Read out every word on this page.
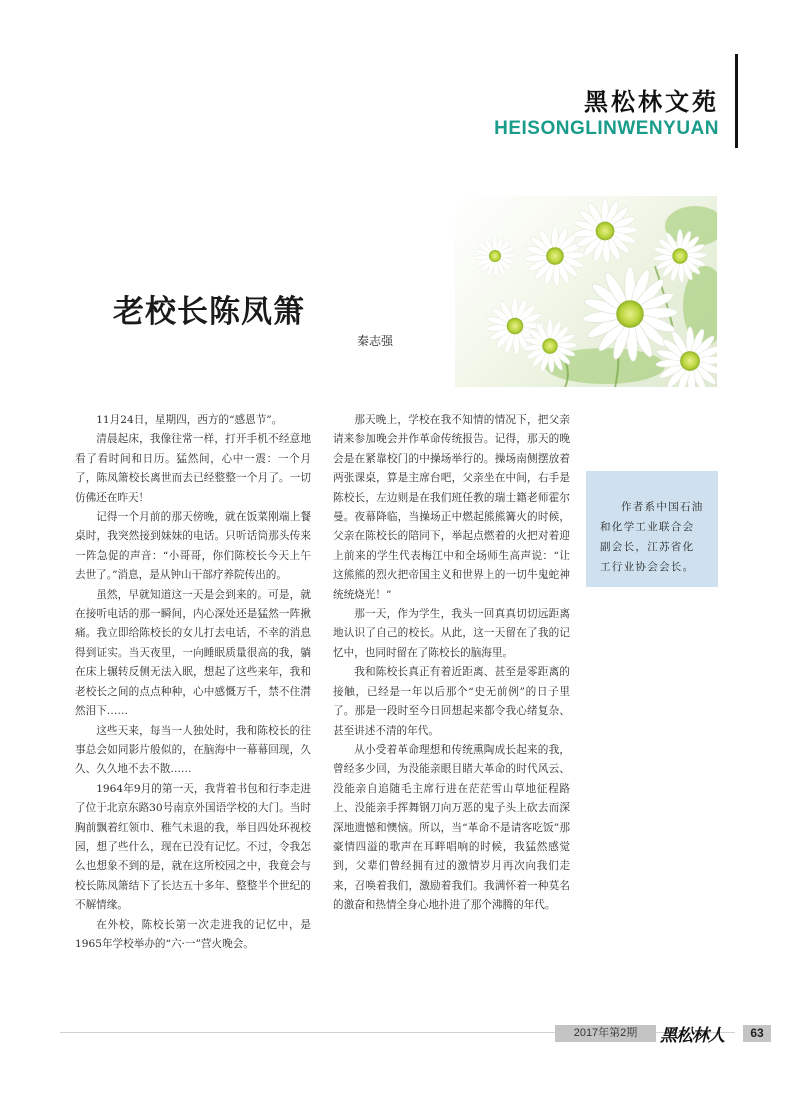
黑松林文苑
HEISONGLINWENYUAN
老校长陈凤箫
秦志强

11月24日，星期四，西方的“感恩节”。

清晨起床，我像往常一样，打开手机不经意地看了看时间和日历。猛然间，心中一震：一个月了，陈凤箫校长离世而去已经整整一个月了。一切仿佛还在昨天！

记得一个月前的那天傍晚，就在饭菜刚端上餐桌时，我突然接到妹妹的电话。只听话筒那头传来一阵急促的声音：“小哥哥，你们陈校长今天上午去世了。”消息，是从钟山干部疗养院传出的。

虽然，早就知道这一天是会到来的。可是，就在接听电话的那一瞬间，内心深处还是猛然一阵揪痛。我立即给陈校长的女儿打去电话，不幸的消息得到证实。当天夜里，一向睡眠质量很高的我，躺在床上辗转反侧无法入眠，想起了这些来年，我和老校长之间的点点种种，心中感慨万千，禁不住潸然泪下……

这些天来，每当一人独处时，我和陈校长的往事总会如同影片般似的，在脑海中一幕幕回现，久久、久久地不去不散……

1964年9月的第一天，我背着书包和行李走进了位于北京东路30号南京外国语学校的大门。当时胸前飘着红领巾、稚气未退的我，举目四处环视校园，想了些什么，现在已没有记忆。不过，令我怎么也想象不到的是，就在这所校园之中，我竟会与校长陈凤箫结下了长达五十多年、整整半个世纪的不解情缘。

在外校，陈校长第一次走进我的记忆中，是1965年学校举办的“六·一”营火晚会。

那天晚上，学校在我不知情的情况下，把父亲请来参加晚会并作革命传统报告。记得，那天的晚会是在紧靠校门的中操场举行的。操场南侧摆放着两张课桌，算是主席台吧，父亲坐在中间，右手是陈校长，左边则是在我们班任教的瑞士籍老师霍尔曼。夜幕降临，当操场正中燃起熊熊篝火的时候，父亲在陈校长的陪同下，举起点燃着的火把对着迎上前来的学生代表梅江中和全场师生高声说：“让这熊熊的烈火把帝国主义和世界上的一切牛鬼蛇神统统烧光！”

那一天，作为学生，我头一回真真切切远距离地认识了自己的校长。从此，这一天留在了我的记忆中，也同时留在了陈校长的脑海里。

我和陈校长真正有着近距离、甚至是零距离的接触，已经是一年以后那个“史无前例”的日子里了。那是一段时至今日回想起来都令我心绪复杂、甚至讲述不清的年代。

从小受着革命理想和传统熏陶成长起来的我，曾经多少回，为没能亲眼目睹大革命的时代风云、没能亲自追随毛主席行进在茫茫雪山草地征程路上、没能亲手挥舞钢刀向万恶的鬼子头上砍去而深深地遗憾和懊恼。所以，当“革命不是请客吃饭”那豪情四溢的歌声在耳畔唱响的时候，我猛然感觉到，父辈们曾经拥有过的激情岁月再次向我们走来，召唤着我们，激励着我们。我满怀着一种莫名的激奋和热情全身心地扑进了那个沸腾的年代。

作者系中国石油和化学工业联合会副会长，江苏省化工行业协会会长。
2017年第2期	黑松林人	63
